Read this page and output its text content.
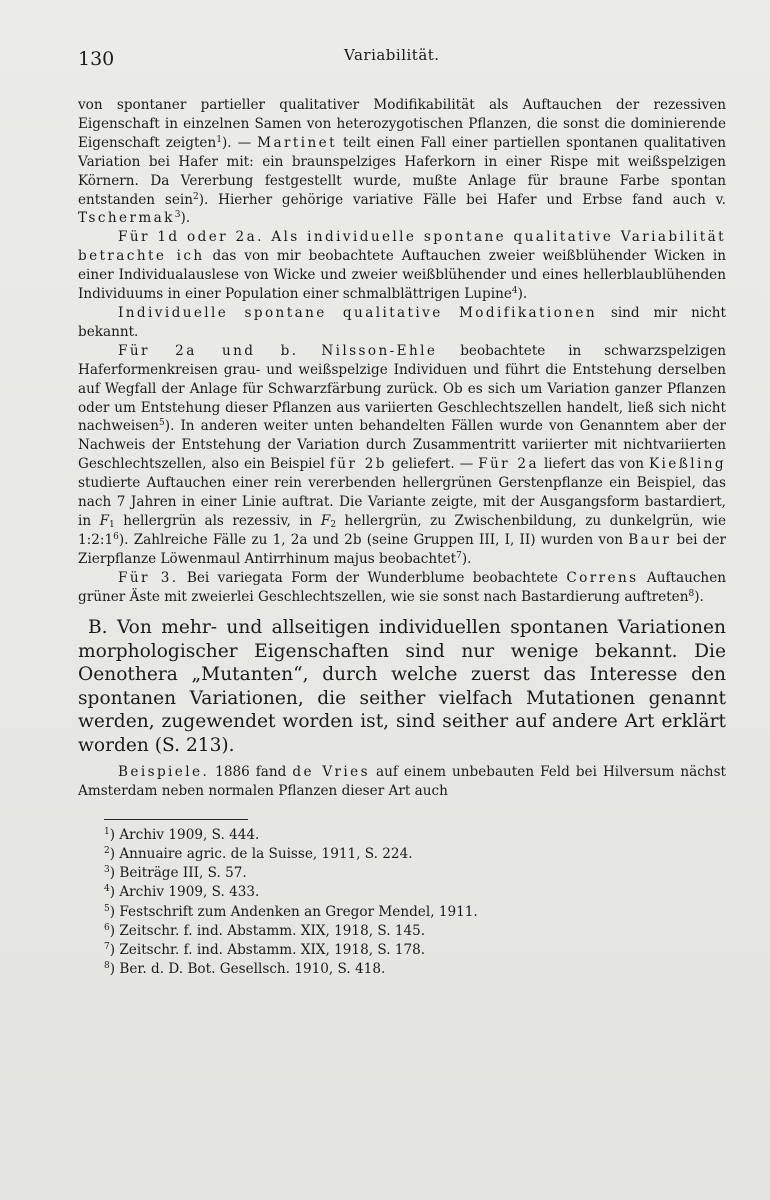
130	Variabilität.

von spontaner partieller qualitativer Modifikabilität als Auftauchen der rezessiven Eigenschaft in einzelnen Samen von heterozygotischen Pflanzen, die sonst die dominierende Eigenschaft zeigten$^1$). — Martinet teilt einen Fall einer partiellen spontanen qualitativen Variation bei Hafer mit: ein braunspelziges Haferkorn in einer Rispe mit weißspelzigen Körnern. Da Vererbung festgestellt wurde, mußte Anlage für braune Farbe spontan entstanden sein$^2$). Hierher gehörige variative Fälle bei Hafer und Erbse fand auch v. Tschermak$^3$).

Für 1d oder 2a. Als individuelle spontane qualitative Variabilität betrachte ich das von mir beobachtete Auftauchen zweier weißblühender Wicken in einer Individualauslese von Wicke und zweier weißblühender und eines hellerblaublühenden Individuums in einer Population einer schmalblättrigen Lupine$^4$).

Individuelle spontane qualitative Modifikationen sind mir nicht bekannt.

Für 2a und b. Nilsson-Ehle beobachtete in schwarzspelzigen Haferformenkreisen grau- und weißspelzige Individuen und führt die Entstehung derselben auf Wegfall der Anlage für Schwarzfärbung zurück. Ob es sich um Variation ganzer Pflanzen oder um Entstehung dieser Pflanzen aus variierten Geschlechtszellen handelt, ließ sich nicht nachweisen$^5$). In anderen weiter unten behandelten Fällen wurde von Genanntem aber der Nachweis der Entstehung der Variation durch Zusammentritt variierter mit nichtvariierten Geschlechtszellen, also ein Beispiel für 2b geliefert. — Für 2a liefert das von Kießling studierte Auftauchen einer rein vererbenden hellergrünen Gerstenpflanze ein Beispiel, das nach 7 Jahren in einer Linie auftrat. Die Variante zeigte, mit der Ausgangsform bastardiert, in $F_1$ hellergrün als rezessiv, in $F_2$ hellergrün, zu Zwischenbildung, zu dunkelgrün, wie $1:2:1^6$). Zahlreiche Fälle zu 1, 2a und 2b (seine Gruppen III, I, II) wurden von Baur bei der Zierpflanze Löwenmaul Antirrhinum majus beobachtet$^7$).

Für 3. Bei variegata Form der Wunderblume beobachtete Correns Auftauchen grüner Äste mit zweierlei Geschlechtszellen, wie sie sonst nach Bastardierung auftreten$^8$).

B. Von mehr- und allseitigen individuellen spontanen Variationen morphologischer Eigenschaften sind nur wenige bekannt. Die Oenothera „Mutanten“, durch welche zuerst das Interesse den spontanen Variationen, die seither vielfach Mutationen genannt werden, zugewendet worden ist, sind seither auf andere Art erklärt worden (S. 213).

Beispiele. 1886 fand de Vries auf einem unbebauten Feld bei Hilversum nächst Amsterdam neben normalen Pflanzen dieser Art auch

$^1$) Archiv 1909, S. 444.
$^2$) Annuaire agric. de la Suisse, 1911, S. 224.
$^3$) Beiträge III, S. 57.
$^4$) Archiv 1909, S. 433.
$^5$) Festschrift zum Andenken an Gregor Mendel, 1911.
$^6$) Zeitschr. f. ind. Abstamm. XIX, 1918, S. 145.
$^7$) Zeitschr. f. ind. Abstamm. XIX, 1918, S. 178.
$^8$) Ber. d. D. Bot. Gesellsch. 1910, S. 418.
